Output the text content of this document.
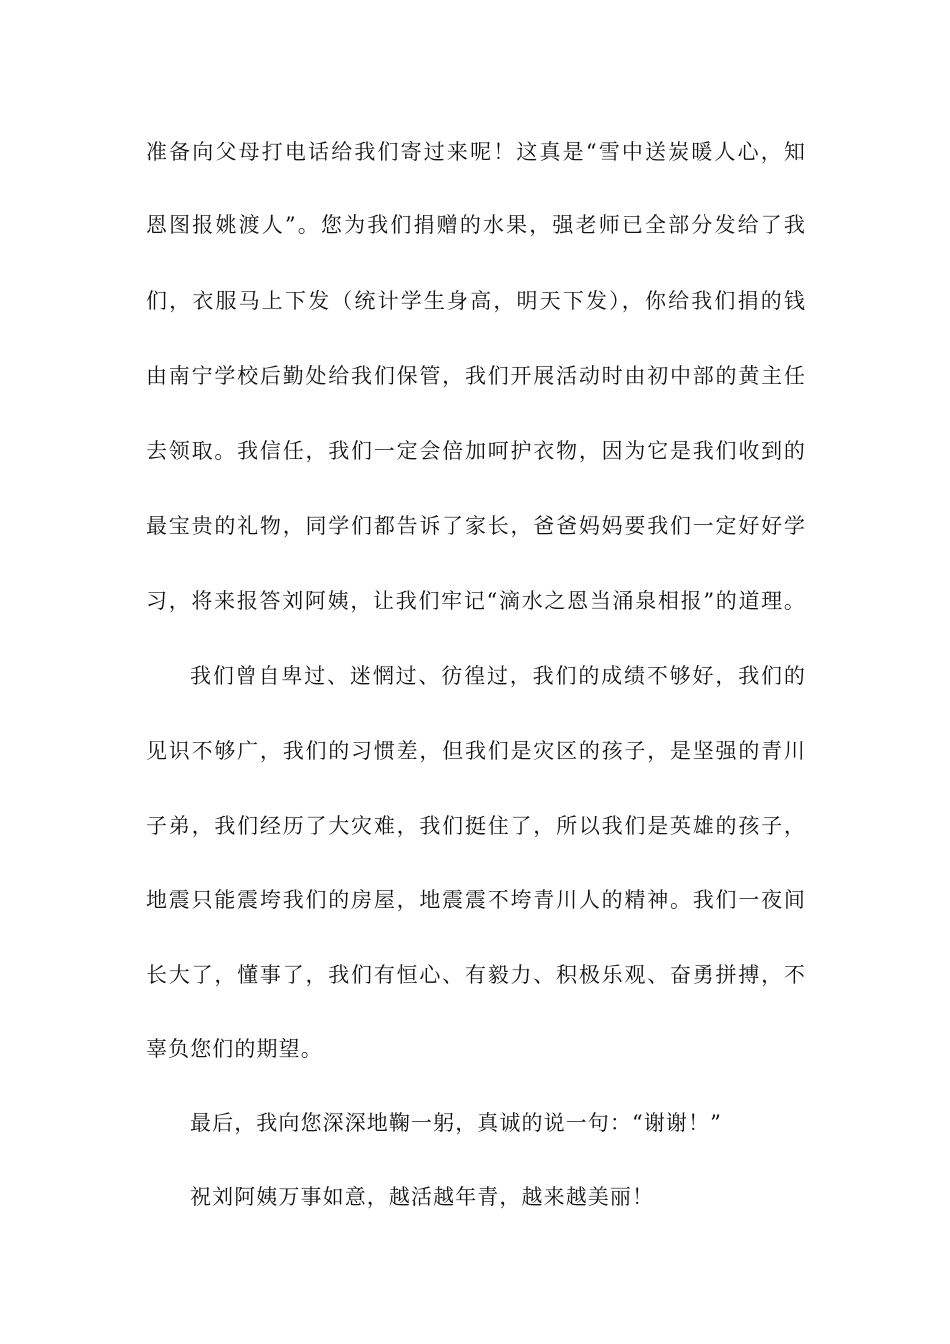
准备向父母打电话给我们寄过来呢！这真是“雪中送炭暖人心，知
恩图报姚渡人”。您为我们捐赠的水果，强老师已全部分发给了我
们，衣服马上下发（统计学生身高，明天下发），你给我们捐的钱
由南宁学校后勤处给我们保管，我们开展活动时由初中部的黄主任
去领取。我信任，我们一定会倍加呵护衣物，因为它是我们收到的
最宝贵的礼物，同学们都告诉了家长，爸爸妈妈要我们一定好好学
习，将来报答刘阿姨，让我们牢记“滴水之恩当涌泉相报”的道理。
我们曾自卑过、迷惘过、彷徨过，我们的成绩不够好，我们的
见识不够广，我们的习惯差，但我们是灾区的孩子，是坚强的青川
子弟，我们经历了大灾难，我们挺住了，所以我们是英雄的孩子，
地震只能震垮我们的房屋，地震震不垮青川人的精神。我们一夜间
长大了，懂事了，我们有恒心、有毅力、积极乐观、奋勇拼搏，不
辜负您们的期望。
最后，我向您深深地鞠一躬，真诚的说一句：“谢谢！”
祝刘阿姨万事如意，越活越年青，越来越美丽！
